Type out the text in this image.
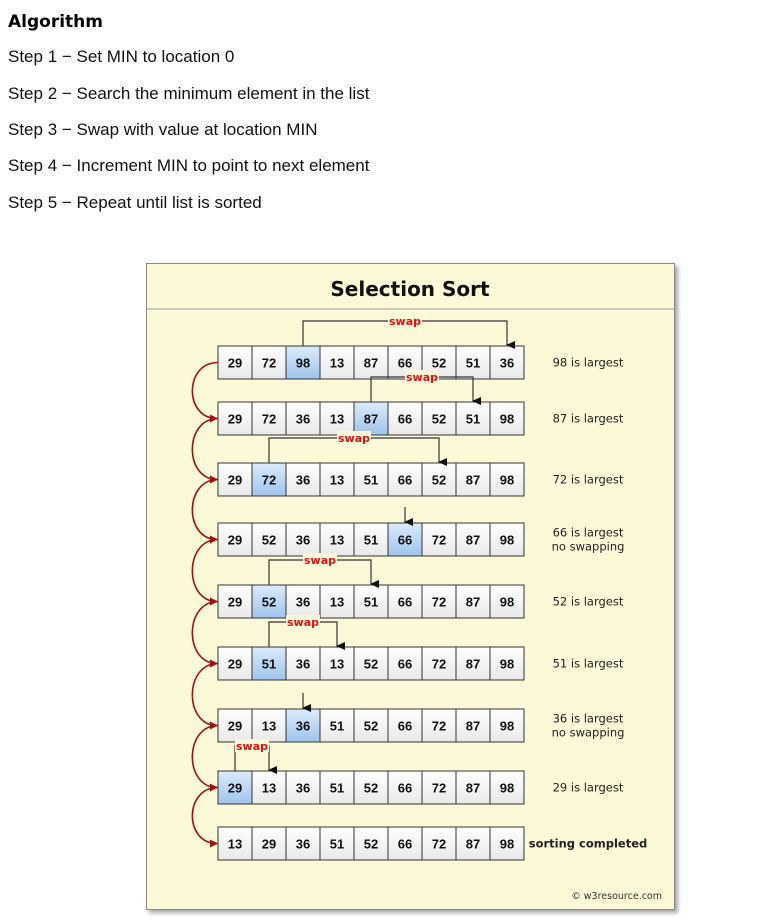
Algorithm
Step 1 − Set MIN to location 0
Step 2 − Search the minimum element in the list
Step 3 − Swap with value at location MIN
Step 4 − Increment MIN to point to next element
Step 5 − Repeat until list is sorted
Selection Sort
29 72 98 13 87 66 52 51 36	98 is largest
swap
29 72 36 13 87 66 52 51 98	87 is largest
swap
29 72 36 13 51 66 52 87 98	72 is largest
swap
29 52 36 13 51 66 72 87 98	66 is largest
no swapping
29 52 36 13 51 66 72 87 98	52 is largest
swap
29 51 36 13 52 66 72 87 98	51 is largest
swap
29 13 36 51 52 66 72 87 98	36 is largest
no swapping
29 13 36 51 52 66 72 87 98	29 is largest
swap
13 29 36 51 52 66 72 87 98 sorting completed
© w3resource.com
